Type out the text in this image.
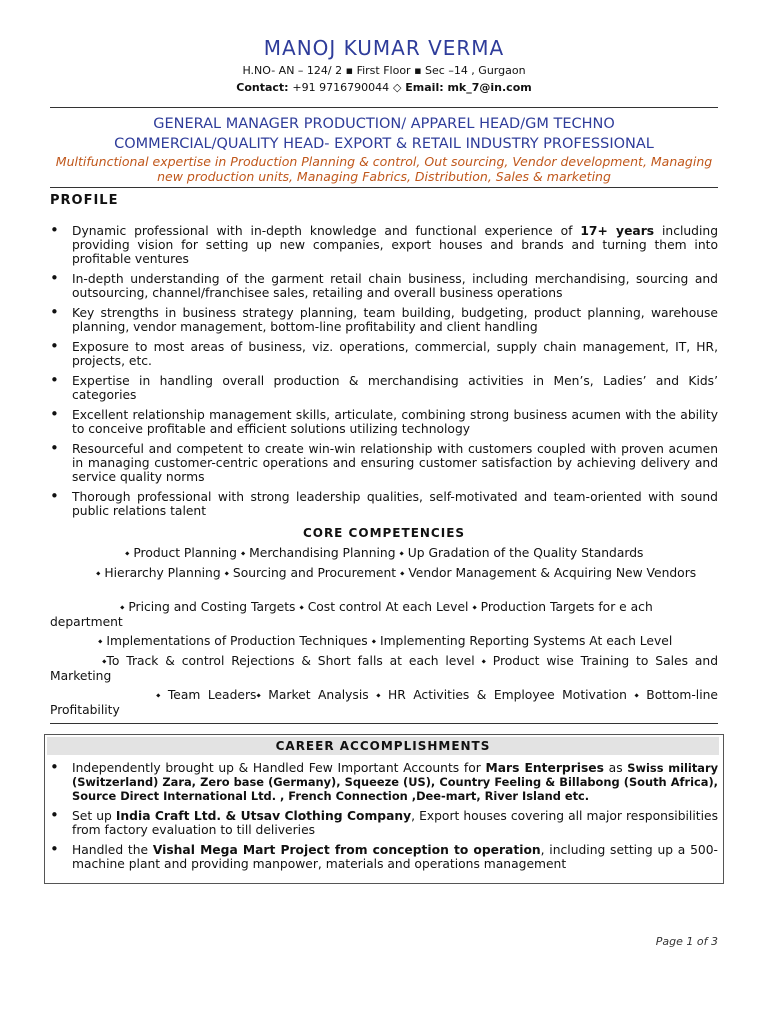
MANOJ KUMAR VERMA
H.NO- AN – 124/ 2 ▪ First Floor ▪ Sec –14 , Gurgaon
Contact: +91 9716790044 ◇ Email: mk_7@in.com
GENERAL MANAGER PRODUCTION/ APPAREL HEAD/GM TECHNO
COMMERCIAL/QUALITY HEAD- EXPORT & RETAIL INDUSTRY PROFESSIONAL
Multifunctional expertise in Production Planning & control, Out sourcing, Vendor development, Managing
new production units, Managing Fabrics, Distribution, Sales & marketing
PROFILE
• Dynamic professional with in-depth knowledge and functional experience of 17+ years including providing vision for setting up new companies, export houses and brands and turning them into profitable ventures
• In-depth understanding of the garment retail chain business, including merchandising, sourcing and outsourcing, channel/franchisee sales, retailing and overall business operations
• Key strengths in business strategy planning, team building, budgeting, product planning, warehouse planning, vendor management, bottom-line profitability and client handling
• Exposure to most areas of business, viz. operations, commercial, supply chain management, IT, HR, projects, etc.
• Expertise in handling overall production & merchandising activities in Men’s, Ladies’ and Kids’ categories
• Excellent relationship management skills, articulate, combining strong business acumen with the ability to conceive profitable and efficient solutions utilizing technology
• Resourceful and competent to create win-win relationship with customers coupled with proven acumen in managing customer-centric operations and ensuring customer satisfaction by achieving delivery and service quality norms
• Thorough professional with strong leadership qualities, self-motivated and team-oriented with sound public relations talent
CORE COMPETENCIES
⬩ Product Planning ⬩ Merchandising Planning ⬩ Up Gradation of the Quality Standards
⬩ Hierarchy Planning ⬩ Sourcing and Procurement ⬩ Vendor Management & Acquiring New Vendors
⬩ Pricing and Costing Targets ⬩ Cost control At each Level ⬩ Production Targets for e ach department
⬩ Implementations of Production Techniques ⬩ Implementing Reporting Systems At each Level
⬩To Track & control Rejections & Short falls at each level ⬩ Product wise Training to Sales and Marketing
⬩ Team Leaders⬩ Market Analysis ⬩ HR Activities & Employee Motivation ⬩ Bottom-line Profitability
CAREER ACCOMPLISHMENTS
• Independently brought up & Handled Few Important Accounts for Mars Enterprises as Swiss military (Switzerland) Zara, Zero base (Germany), Squeeze (US), Country Feeling & Billabong (South Africa), Source Direct International Ltd. , French Connection ,Dee-mart, River Island etc.
• Set up India Craft Ltd. & Utsav Clothing Company, Export houses covering all major responsibilities from factory evaluation to till deliveries
• Handled the Vishal Mega Mart Project from conception to operation, including setting up a 500-machine plant and providing manpower, materials and operations management
Page 1 of 3
